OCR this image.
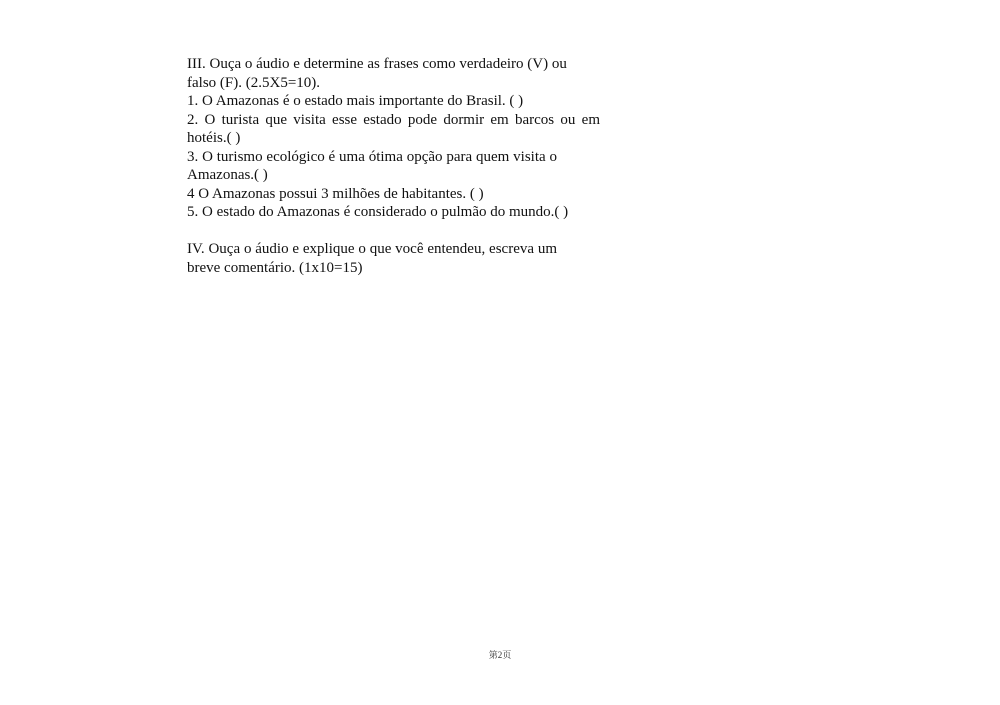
III. Ouça o áudio e determine as frases como verdadeiro (V) ou
falso (F). (2.5X5=10).
1. O Amazonas é o estado mais importante do Brasil. ( )
2. O turista que visita esse estado pode dormir em barcos ou em
hotéis.( )
3. O turismo ecológico é uma ótima opção para quem visita o
Amazonas.( )
4 O Amazonas possui 3 milhões de habitantes. ( )
5. O estado do Amazonas é considerado o pulmão do mundo.( )
IV. Ouça o áudio e explique o que você entendeu, escreva um
breve comentário. (1x10=15)
第2页
